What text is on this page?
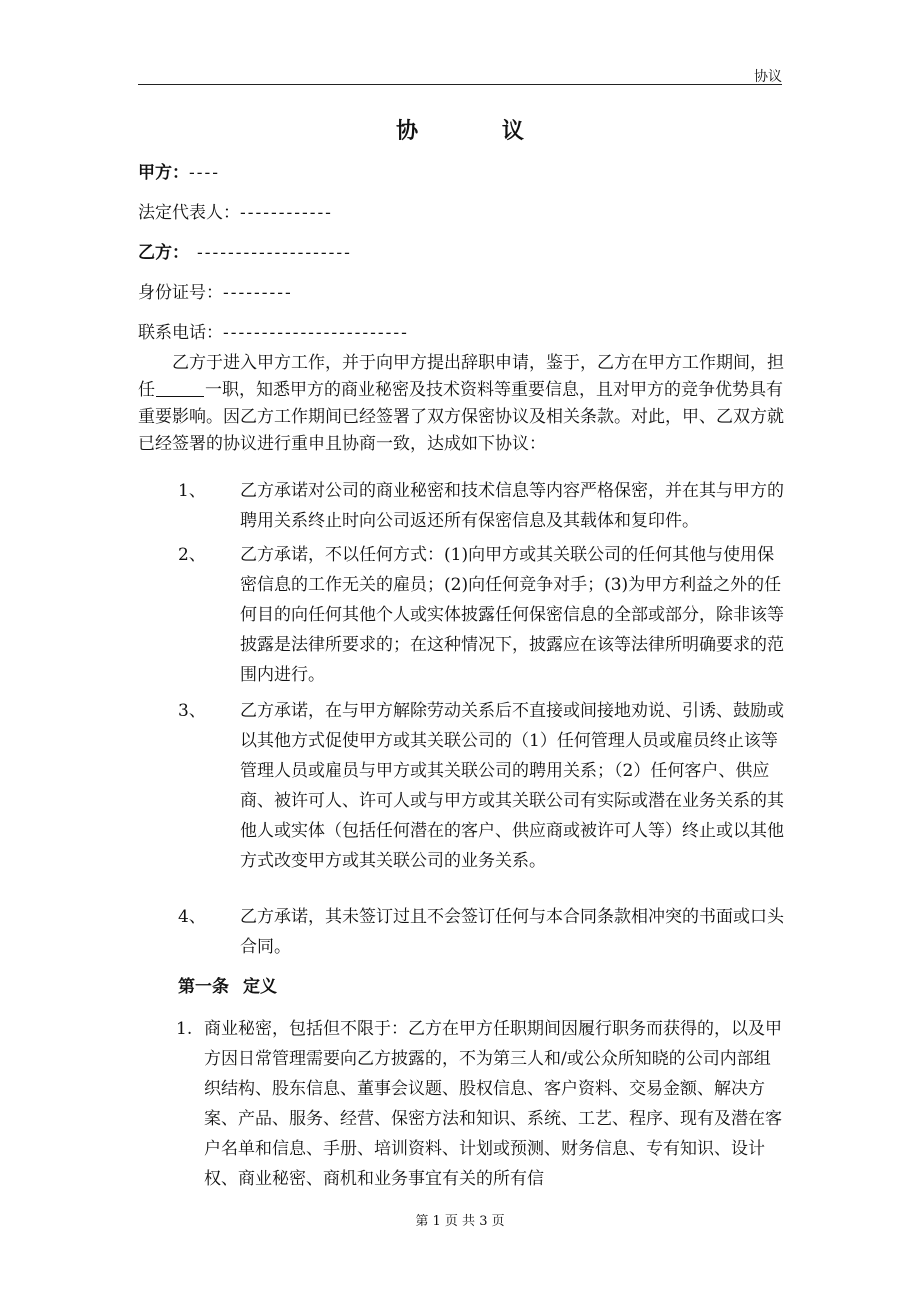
协议
协 议
甲方：----
法定代表人：------------
乙方： --------------------
身份证号：---------
联系电话：------------------------
乙方于进入甲方工作，并于向甲方提出辞职申请，鉴于，乙方在甲方工作期间，担任	一职，知悉甲方的商业秘密及技术资料等重要信息，且对甲方的竞争优势具有重要影响。因乙方工作期间已经签署了双方保密协议及相关条款。对此，甲、乙双方就已经签署的协议进行重申且协商一致，达成如下协议：
1、 乙方承诺对公司的商业秘密和技术信息等内容严格保密，并在其与甲方的聘用关系终止时向公司返还所有保密信息及其载体和复印件。
2、 乙方承诺，不以任何方式：(1)向甲方或其关联公司的任何其他与使用保密信息的工作无关的雇员；(2)向任何竞争对手；(3)为甲方利益之外的任何目的向任何其他个人或实体披露任何保密信息的全部或部分，除非该等披露是法律所要求的；在这种情况下，披露应在该等法律所明确要求的范围内进行。
3、 乙方承诺，在与甲方解除劳动关系后不直接或间接地劝说、引诱、鼓励或以其他方式促使甲方或其关联公司的（1）任何管理人员或雇员终止该等管理人员或雇员与甲方或其关联公司的聘用关系；（2）任何客户、供应商、被许可人、许可人或与甲方或其关联公司有实际或潜在业务关系的其他人或实体（包括任何潜在的客户、供应商或被许可人等）终止或以其他方式改变甲方或其关联公司的业务关系。
4、 乙方承诺，其未签订过且不会签订任何与本合同条款相冲突的书面或口头合同。
第一条 定义
1. 商业秘密，包括但不限于：乙方在甲方任职期间因履行职务而获得的，以及甲方因日常管理需要向乙方披露的，不为第三人和/或公众所知晓的公司内部组织结构、股东信息、董事会议题、股权信息、客户资料、交易金额、解决方案、产品、服务、经营、保密方法和知识、系统、工艺、程序、现有及潜在客户名单和信息、手册、培训资料、计划或预测、财务信息、专有知识、设计权、商业秘密、商机和业务事宜有关的所有信
第 1 页 共 3 页
